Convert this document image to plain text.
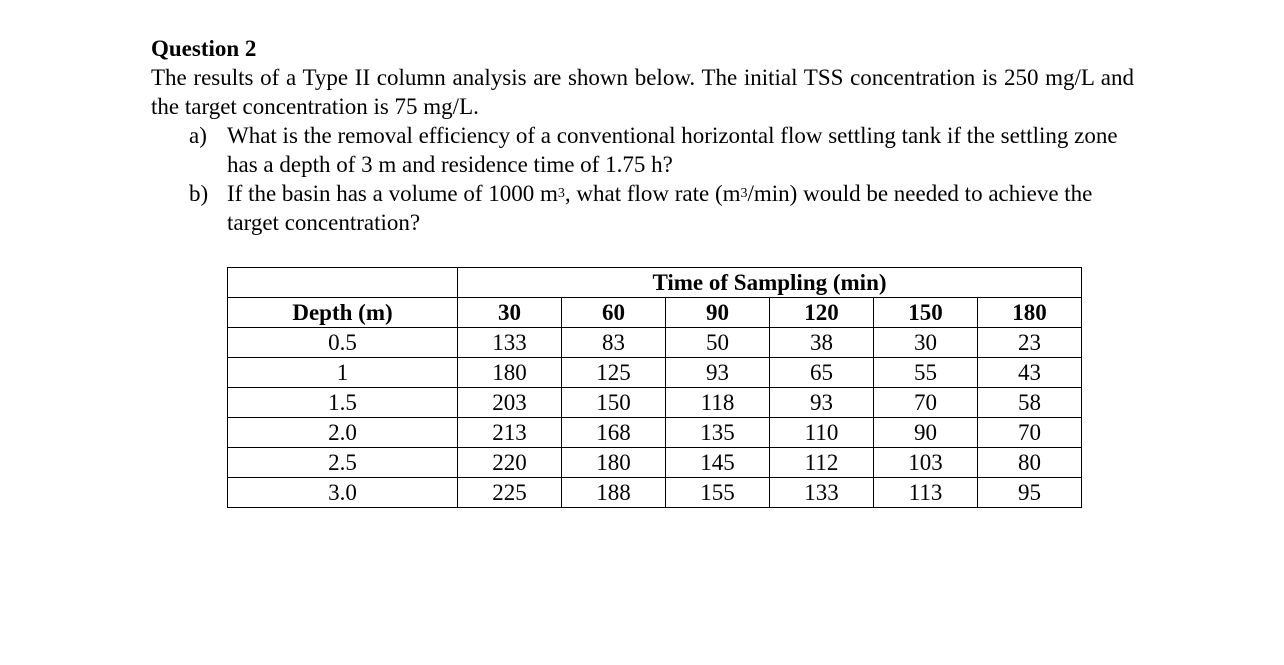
Question 2

The results of a Type II column analysis are shown below. The initial TSS concentration is 250 mg/L and the target concentration is 75 mg/L.

a) What is the removal efficiency of a conventional horizontal flow settling tank if the settling zone has a depth of 3 m and residence time of 1.75 h?
b) If the basin has a volume of 1000 $m^3$, what flow rate $(m^3/\min)$ would be needed to achieve the target concentration?
	Time of Sampling (min)					
Depth (m)	30	60	90	120	150	180
0.5	133	83	50	38	30	23
1	180	125	93	65	55	43
1.5	203	150	118	93	70	58
2.0	213	168	135	110	90	70
2.5	220	180	145	112	103	80
3.0	225	188	155	133	113	95
